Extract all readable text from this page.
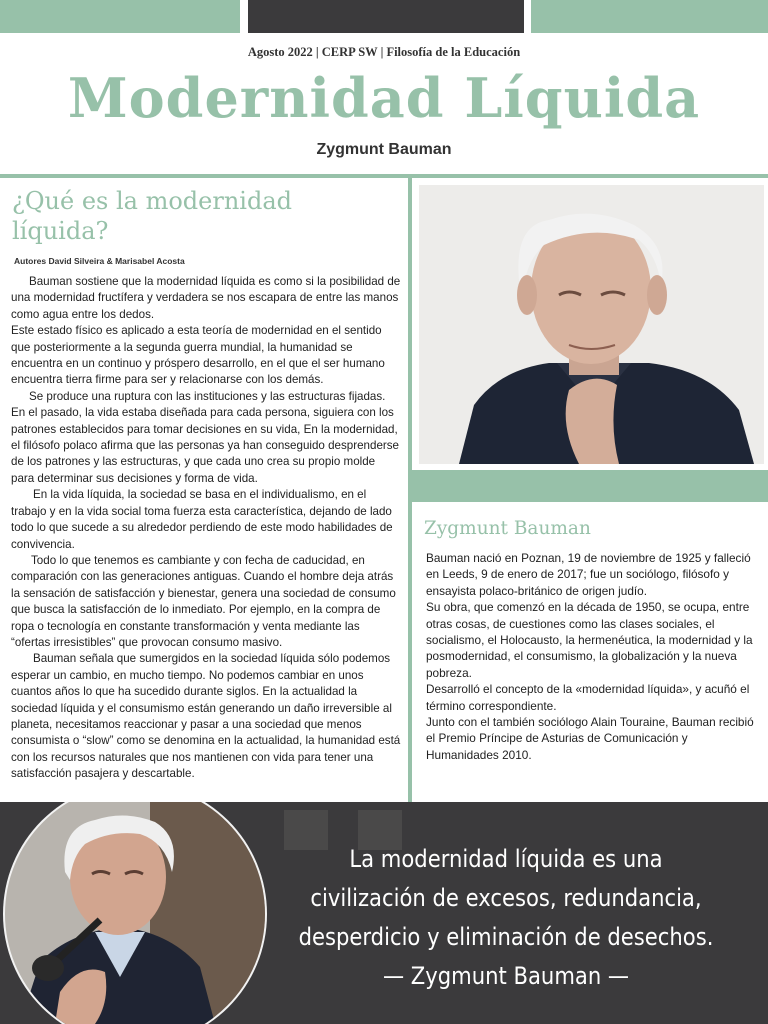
Agosto 2022 | CERP SW | Filosofía de la Educación
Modernidad Líquida
Zygmunt Bauman
¿Qué es la modernidad
líquida?
Autores David Silveira & Marisabel Acosta

Bauman sostiene que la modernidad líquida es como si la posibilidad de una modernidad fructífera y verdadera se nos escapara de entre las manos como agua entre los dedos.

Este estado físico es aplicado a esta teoría de modernidad en el sentido que posteriormente a la segunda guerra mundial, la humanidad se encuentra en un continuo y próspero desarrollo, en el que el ser humano encuentra tierra firme para ser y relacionarse con los demás.

Se produce una ruptura con las instituciones y las estructuras fijadas. En el pasado, la vida estaba diseñada para cada persona, siguiera con los patrones establecidos para tomar decisiones en su vida, En la modernidad, el filósofo polaco afirma que las personas ya han conseguido desprenderse de los patrones y las estructuras, y que cada uno crea su propio molde para determinar sus decisiones y forma de vida.

En la vida líquida, la sociedad se basa en el individualismo, en el trabajo y en la vida social toma fuerza esta característica, dejando de lado todo lo que sucede a su alrededor perdiendo de este modo habilidades de convivencia.

Todo lo que tenemos es cambiante y con fecha de caducidad, en comparación con las generaciones antiguas. Cuando el hombre deja atrás la sensación de satisfacción y bienestar, genera una sociedad de consumo que busca la satisfacción de lo inmediato. Por ejemplo, en la compra de ropa o tecnología en constante transformación y venta mediante las “ofertas irresistibles” que provocan consumo masivo.

Bauman señala que sumergidos en la sociedad líquida sólo podemos esperar un cambio, en mucho tiempo. No podemos cambiar en unos cuantos años lo que ha sucedido durante siglos. En la actualidad la sociedad líquida y el consumismo están generando un daño irreversible al planeta, necesitamos reaccionar y pasar a una sociedad que menos consumista o “slow” como se denomina en la actualidad, la humanidad está con los recursos naturales que nos mantienen con vida para tener una satisfacción pasajera y descartable.

Zygmunt Bauman

Bauman nació en Poznan, 19 de noviembre de 1925 y falleció en Leeds, 9 de enero de 2017; fue un sociólogo, filósofo y ensayista polaco-británico de origen judío.

Su obra, que comenzó en la década de 1950, se ocupa, entre otras cosas, de cuestiones como las clases sociales, el socialismo, el Holocausto, la hermenéutica, la modernidad y la posmodernidad, el consumismo, la globalización y la nueva pobreza.

Desarrolló el concepto de la «modernidad líquida», y acuñó el término correspondiente.

Junto con el también sociólogo Alain Touraine, Bauman recibió el Premio Príncipe de Asturias de Comunicación y Humanidades 2010.

La modernidad líquida es una
civilización de excesos, redundancia,
desperdicio y eliminación de desechos.
— Zygmunt Bauman —
